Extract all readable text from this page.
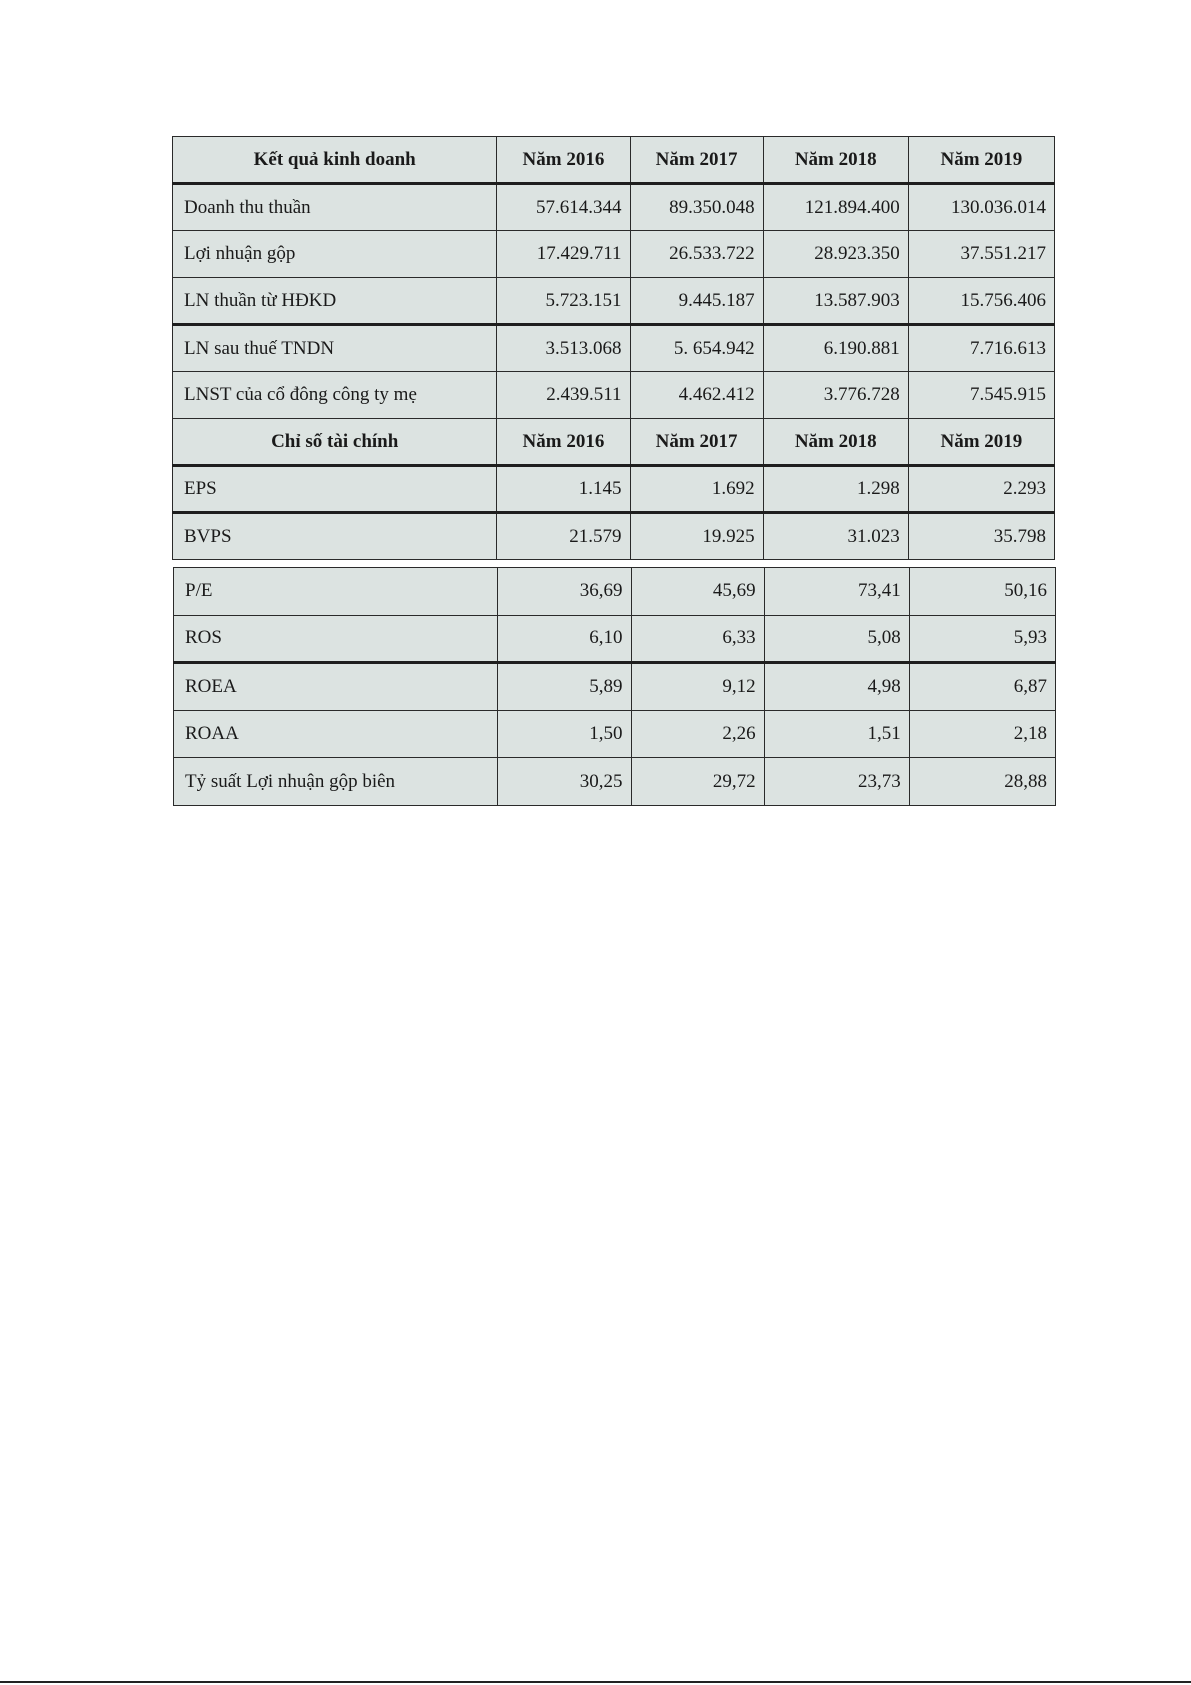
Kết quả kinh doanh	Năm 2016	Năm 2017	Năm 2018	Năm 2019
Doanh thu thuần	57.614.344	89.350.048	121.894.400	130.036.014
Lợi nhuận gộp	17.429.711	26.533.722	28.923.350	37.551.217
LN thuần từ HĐKD	5.723.151	9.445.187	13.587.903	15.756.406
LN sau thuế TNDN	3.513.068	5. 654.942	6.190.881	7.716.613
LNST của cổ đông công ty mẹ	2.439.511	4.462.412	3.776.728	7.545.915
Chỉ số tài chính	Năm 2016	Năm 2017	Năm 2018	Năm 2019
EPS	1.145	1.692	1.298	2.293
BVPS	21.579	19.925	31.023	35.798
P/E	36,69	45,69	73,41	50,16
ROS	6,10	6,33	5,08	5,93
ROEA	5,89	9,12	4,98	6,87
ROAA	1,50	2,26	1,51	2,18
Tỷ suất Lợi nhuận gộp biên	30,25	29,72	23,73	28,88
